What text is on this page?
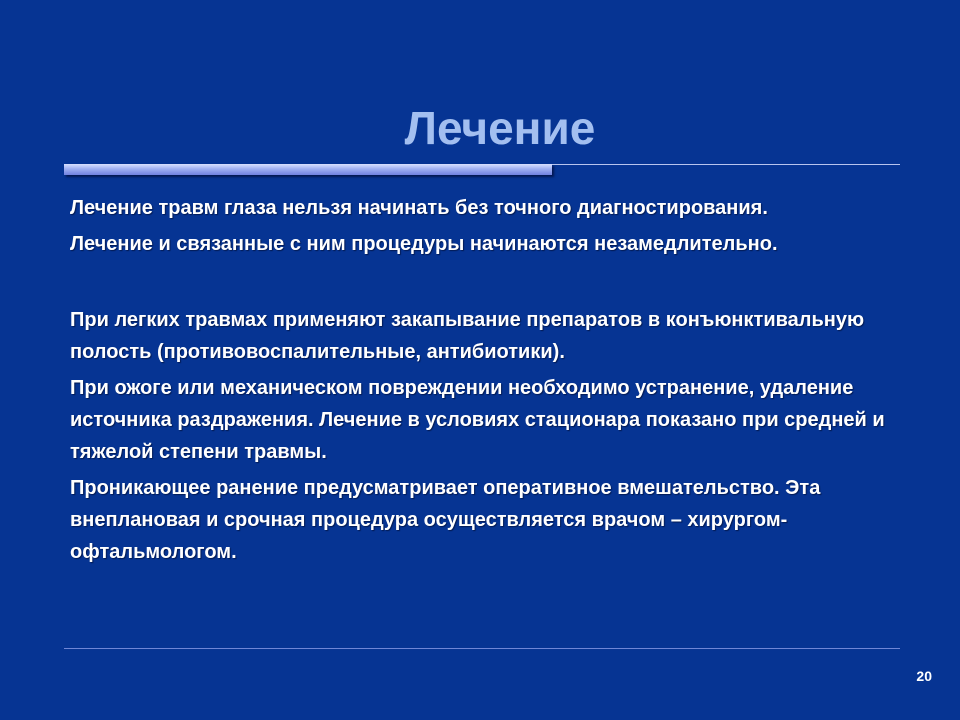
Лечение

Лечение травм глаза нельзя начинать без точного диагностирования.

Лечение и связанные с ним процедуры начинаются незамедлительно.

При легких травмах применяют закапывание препаратов в конъюнктивальную полость (противовоспалительные, антибиотики).

При ожоге или механическом повреждении необходимо устранение, удаление источника раздражения. Лечение в условиях стационара показано при средней и тяжелой степени травмы.

Проникающее ранение предусматривает оперативное вмешательство. Эта внеплановая и срочная процедура осуществляется врачом – хирургом-офтальмологом.

20
